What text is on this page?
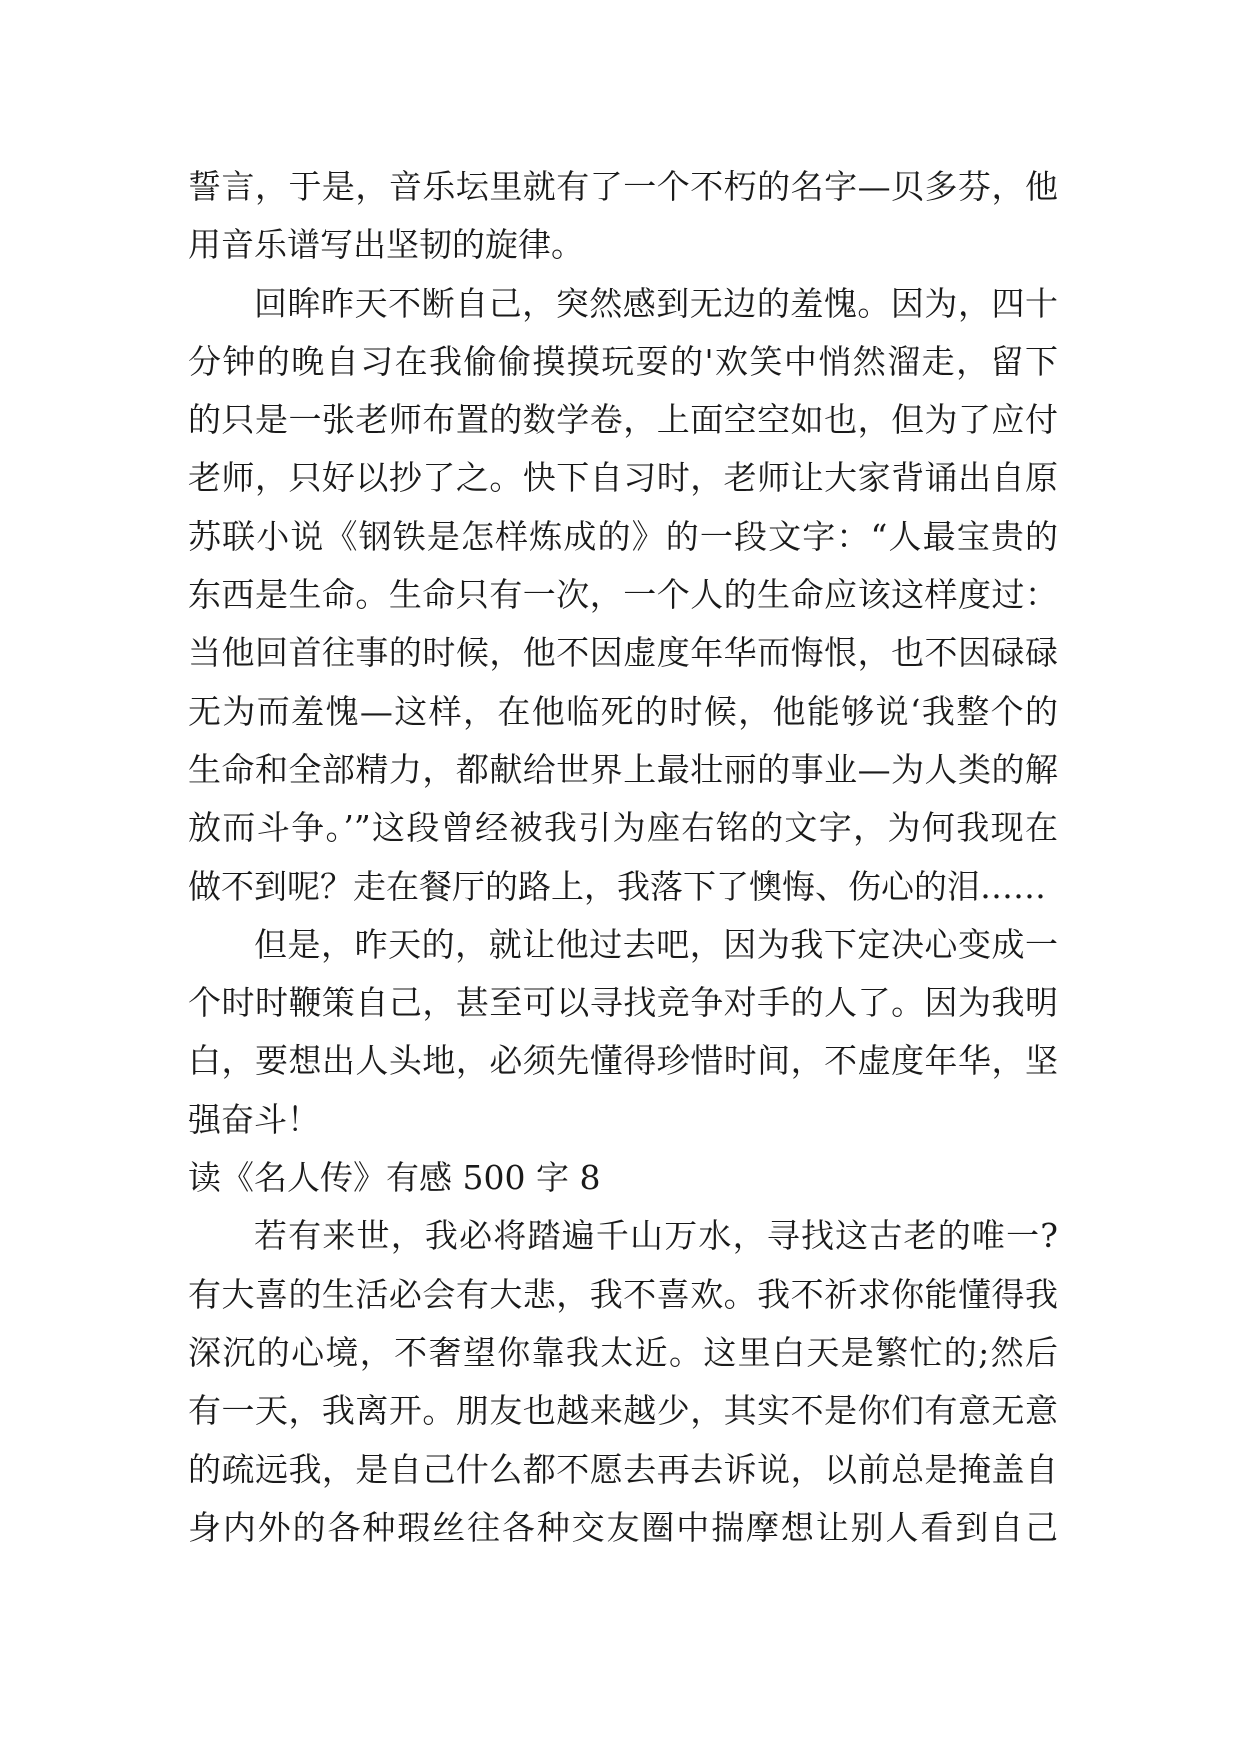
誓言，于是，音乐坛里就有了一个不朽的名字—贝多芬，他
用音乐谱写出坚韧的旋律。
回眸昨天不断自己，突然感到无边的羞愧。因为，四十
分钟的晚自习在我偷偷摸摸玩耍的'欢笑中悄然溜走，留下
的只是一张老师布置的数学卷，上面空空如也，但为了应付
老师，只好以抄了之。快下自习时，老师让大家背诵出自原
苏联小说《钢铁是怎样炼成的》的一段文字：“人最宝贵的
东西是生命。生命只有一次，一个人的生命应该这样度过：
当他回首往事的时候，他不因虚度年华而悔恨，也不因碌碌
无为而羞愧—这样，在他临死的时候，他能够说‘我整个的
生命和全部精力，都献给世界上最壮丽的事业—为人类的解
放而斗争。’”这段曾经被我引为座右铭的文字，为何我现在
做不到呢？走在餐厅的路上，我落下了懊悔、伤心的泪……
但是，昨天的，就让他过去吧，因为我下定决心变成一
个时时鞭策自己，甚至可以寻找竞争对手的人了。因为我明
白，要想出人头地，必须先懂得珍惜时间，不虚度年华，坚
强奋斗！
读《名人传》有感 500 字 8
若有来世，我必将踏遍千山万水，寻找这古老的唯一?
有大喜的生活必会有大悲，我不喜欢。我不祈求你能懂得我
深沉的心境，不奢望你靠我太近。这里白天是繁忙的;然后
有一天，我离开。朋友也越来越少，其实不是你们有意无意
的疏远我，是自己什么都不愿去再去诉说，以前总是掩盖自
身内外的各种瑕丝往各种交友圈中揣摩想让别人看到自己
